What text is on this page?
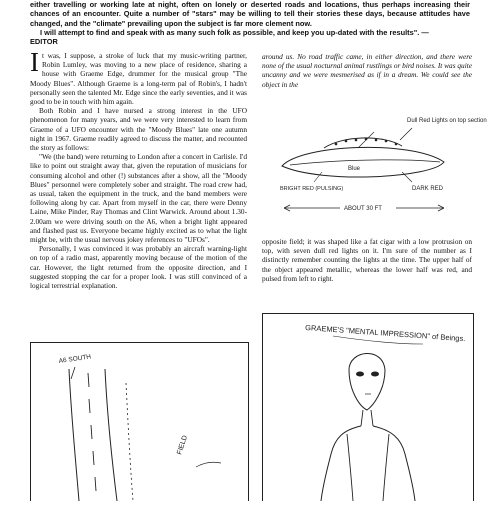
either travelling or working late at night, often on lonely or deserted roads and locations, thus perhaps increasing their chances of an encounter. Quite a number of "stars" may be willing to tell their stories these days, because attitudes have changed, and the "climate" prevailing upon the subject is far more clement now.

I will attempt to find and speak with as many such folk as possible, and keep you up-dated with the results". —

EDITOR

It was, I suppose, a stroke of luck that my music-writing partner, Robin Lumley, was moving to a new place of residence, sharing a house with Graeme Edge, drummer for the musical group "The Moody Blues". Although Graeme is a long-term pal of Robin's, I hadn't personally seen the talented Mr. Edge since the early seventies, and it was good to be in touch with him again.

Both Robin and I have nursed a strong interest in the UFO phenomenon for many years, and we were very interested to learn from Graeme of a UFO encounter with the "Moody Blues" late one autumn night in 1967. Graeme readily agreed to discuss the matter, and recounted the story as follows:

"We (the band) were returning to London after a concert in Carlisle. I'd like to point out straight away that, given the reputation of musicians for consuming alcohol and other (!) substances after a show, all the "Moody Blues" personnel were completely sober and straight. The road crew had, as usual, taken the equipment in the truck, and the band members were following along by car. Apart from myself in the car, there were Denny Laine, Mike Pinder, Ray Thomas and Clint Warwick. Around about 1.30-2.00am we were driving south on the A6, when a bright light appeared and flashed past us. Everyone became highly excited as to what the light might be, with the usual nervous jokey references to "UFOs".

Personally, I was convinced it was probably an aircraft warning-light on top of a radio mast, apparently moving because of the motion of the car. However, the light returned from the opposite direction, and I suggested stopping the car for a proper look. I was still convinced of a logical terrestrial explanation.

around us. No road traffic came, in either direction, and there were none of the usual nocturnal animal rustlings or bird noises. It was quite uncanny and we were mesmerised as if in a dream. We could see the object in the

Dull Red Lights on top section
Blue
BRIGHT RED (PULSING)	DARK RED
ABOUT 30 FT

opposite field; it was shaped like a fat cigar with a low protrusion on top, with seven dull red lights on it. I'm sure of the number as I distinctly remember counting the lights at the time. The upper half of the object appeared metallic, whereas the lower half was red, and pulsed from left to right.

A6 SOUTH
FIELD
GRAEME'S "MENTAL IMPRESSION" of Beings.
